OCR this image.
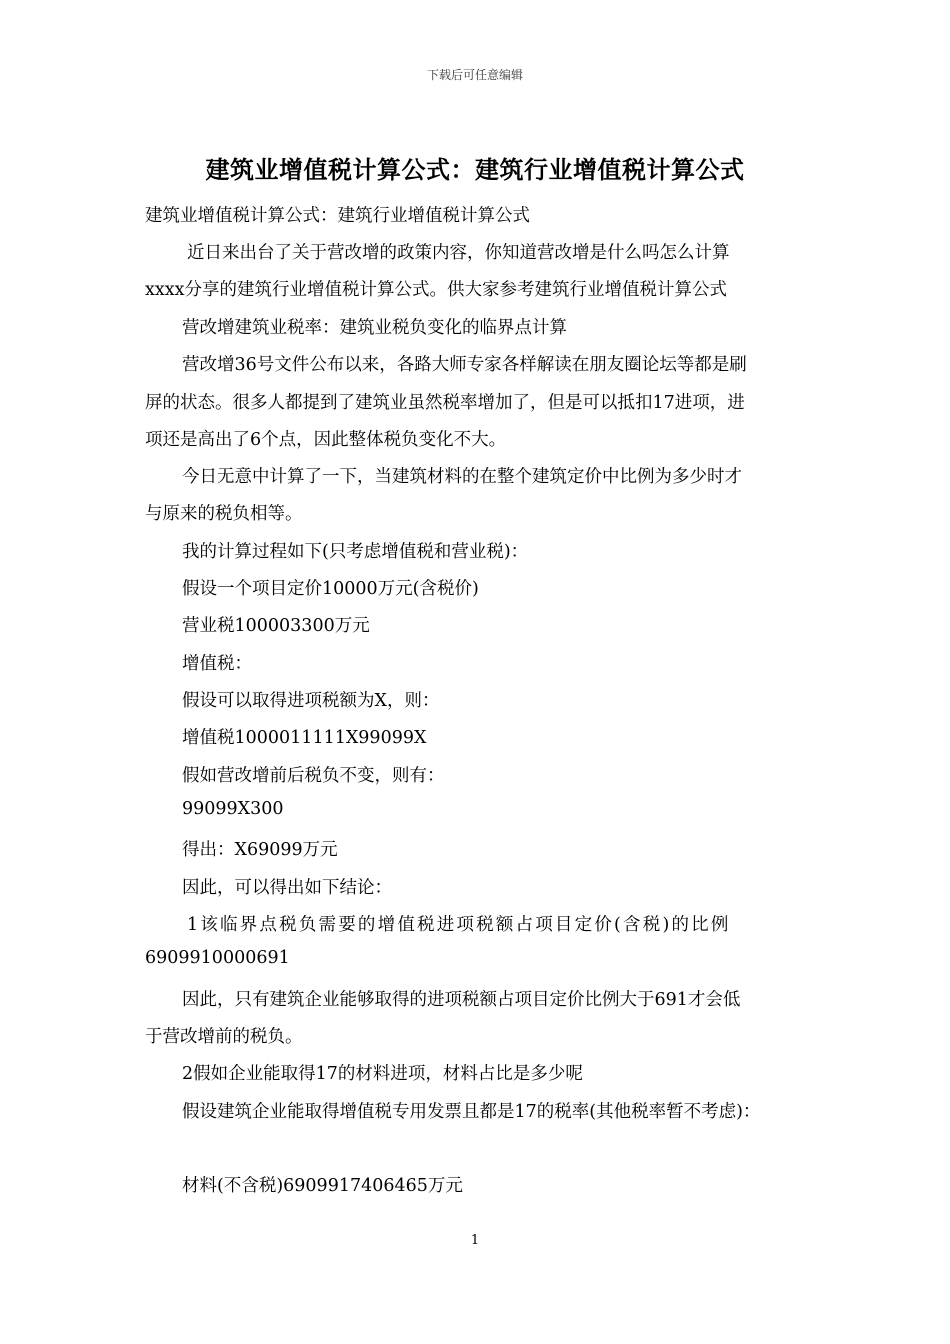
下载后可任意编辑
建筑业增值税计算公式：建筑行业增值税计算公式
建筑业增值税计算公式：建筑行业增值税计算公式
近日来出台了关于营改增的政策内容，你知道营改增是什么吗怎么计算
xxxx分享的建筑行业增值税计算公式。供大家参考建筑行业增值税计算公式
营改增建筑业税率：建筑业税负变化的临界点计算
营改增36号文件公布以来，各路大师专家各样解读在朋友圈论坛等都是刷
屏的状态。很多人都提到了建筑业虽然税率增加了，但是可以抵扣17进项，进
项还是高出了6个点，因此整体税负变化不大。
今日无意中计算了一下，当建筑材料的在整个建筑定价中比例为多少时才
与原来的税负相等。
我的计算过程如下(只考虑增值税和营业税)：
假设一个项目定价10000万元(含税价)
营业税100003300万元
增值税：
假设可以取得进项税额为X，则：
增值税1000011111X99099X
假如营改增前后税负不变，则有：
99099X300
得出：X69099万元
因此，可以得出如下结论：
1该临界点税负需要的增值税进项税额占项目定价(含税)的比例
6909910000691
因此，只有建筑企业能够取得的进项税额占项目定价比例大于691才会低
于营改增前的税负。
2假如企业能取得17的材料进项，材料占比是多少呢
假设建筑企业能取得增值税专用发票且都是17的税率(其他税率暂不考虑)：
材料(不含税)6909917406465万元
1
